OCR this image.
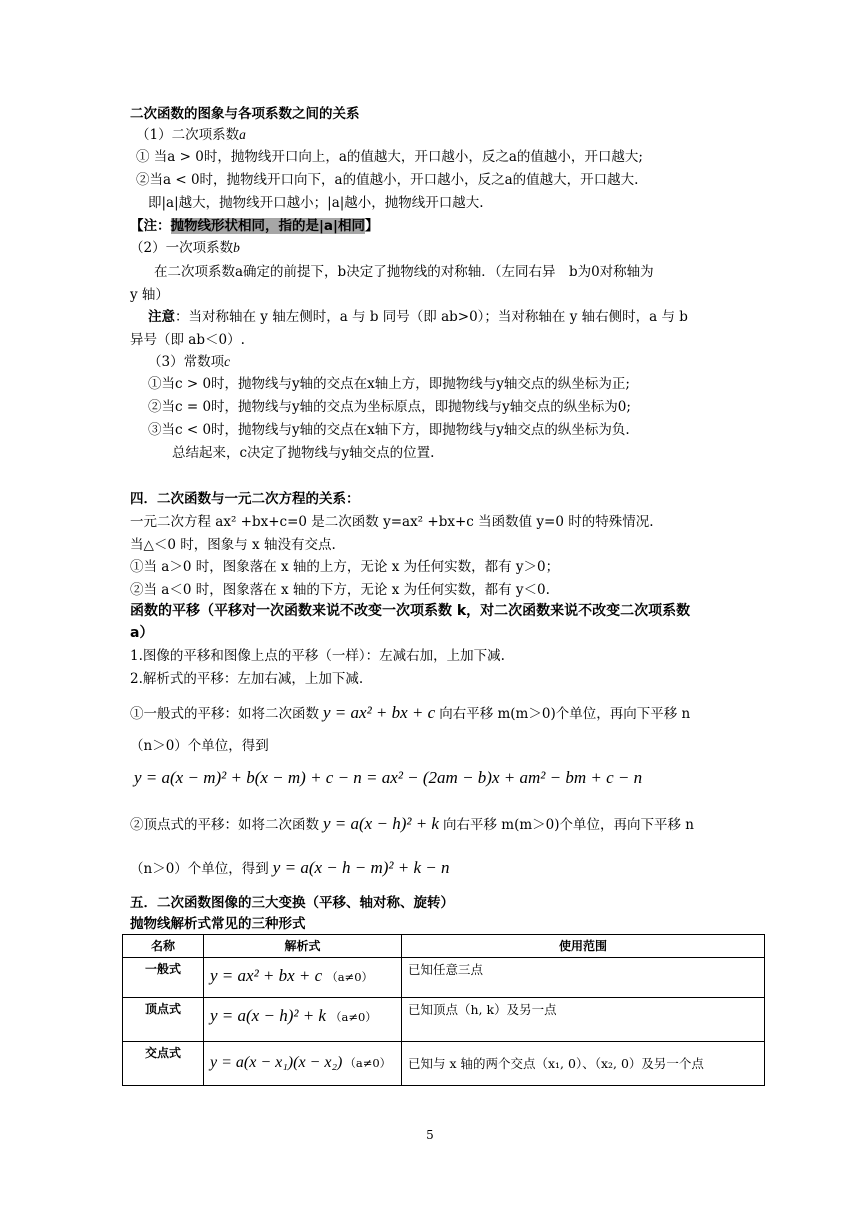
二次函数的图象与各项系数之间的关系
（1）二次项系数a
① 当a > 0时，抛物线开口向上，a的值越大，开口越小，反之a的值越小，开口越大;
②当a < 0时，抛物线开口向下，a的值越小，开口越小，反之a的值越大，开口越大.
即|a|越大，抛物线开口越小；|a|越小，抛物线开口越大.
【注：抛物线形状相同，指的是|a|相同】
（2）一次项系数b
在二次项系数a确定的前提下，b决定了抛物线的对称轴．（左同右异　b为0对称轴为
y 轴）
注意：当对称轴在 y 轴左侧时，a 与 b 同号（即 ab>0）；当对称轴在 y 轴右侧时，a 与 b
异号（即 ab＜0）.
（3）常数项c
①当c > 0时，抛物线与y轴的交点在x轴上方，即抛物线与y轴交点的纵坐标为正;
②当c = 0时，抛物线与y轴的交点为坐标原点，即抛物线与y轴交点的纵坐标为0;
③当c < 0时，抛物线与y轴的交点在x轴下方，即抛物线与y轴交点的纵坐标为负.
总结起来，c决定了抛物线与y轴交点的位置.
四．二次函数与一元二次方程的关系：
一元二次方程 ax² +bx+c=0 是二次函数 y=ax² +bx+c 当函数值 y=0 时的特殊情况.
当△＜0 时，图象与 x 轴没有交点.
①当 a＞0 时，图象落在 x 轴的上方，无论 x 为任何实数，都有 y＞0；
②当 a＜0 时，图象落在 x 轴的下方，无论 x 为任何实数，都有 y＜0.
函数的平移（平移对一次函数来说不改变一次项系数 k，对二次函数来说不改变二次项系数
a）
1.图像的平移和图像上点的平移（一样）：左减右加，上加下减.
2.解析式的平移：左加右减，上加下减.
①一般式的平移：如将二次函数 y = ax² + bx + c 向右平移 m(m＞0)个单位，再向下平移 n
（n＞0）个单位，得到
y = a(x − m)² + b(x − m) + c − n = ax² − (2am − b)x + am² − bm + c − n
②顶点式的平移：如将二次函数 y = a(x − h)² + k 向右平移 m(m＞0)个单位，再向下平移 n
（n＞0）个单位，得到 y = a(x − h − m)² + k − n
五．二次函数图像的三大变换（平移、轴对称、旋转）
抛物线解析式常见的三种形式
名称	解析式	使用范围
一般式	y = ax² + bx + c （a≠0）	已知任意三点
顶点式	y = a(x − h)² + k （a≠0）	已知顶点（h, k）及另一点
交点式	y = a(x − x₁)(x − x₂) （a≠0）	已知与 x 轴的两个交点（x₁, 0）、（x₂, 0）及另一个点
5
